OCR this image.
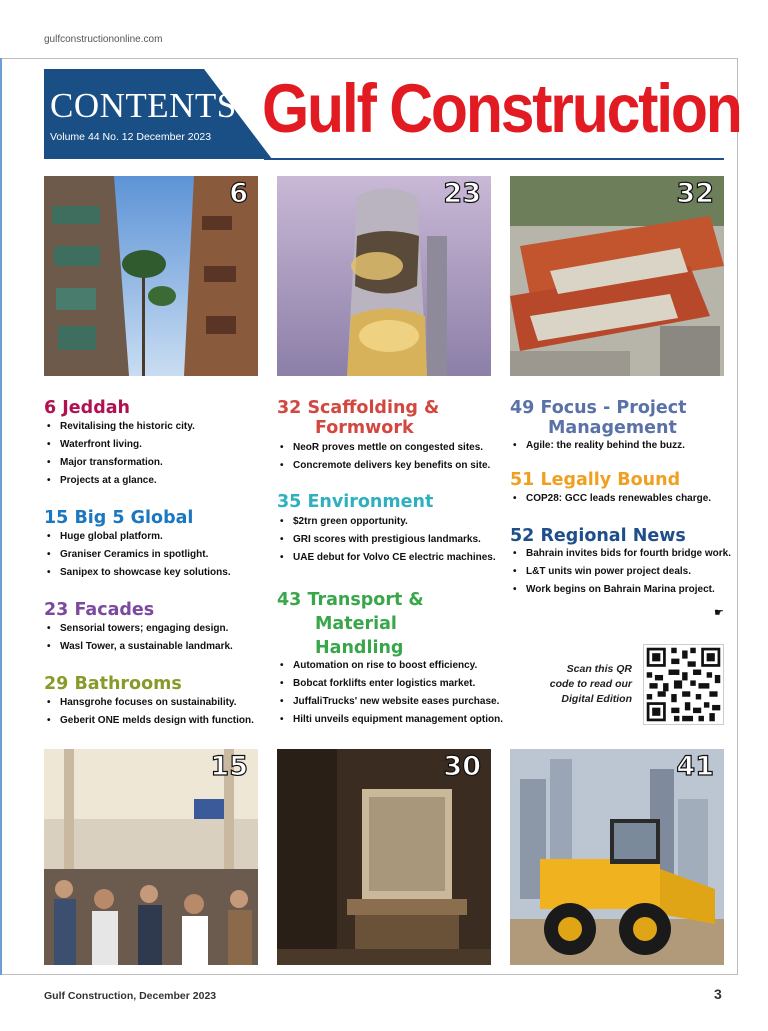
gulfconstructiononline.com
CONTENTS
Volume 44 No. 12 December 2023 Gulf Construction
6	23	32
6 Jeddah
• Revitalising the historic city.
• Waterfront living.
• Major transformation.
• Projects at a glance.
15 Big 5 Global
• Huge global platform.
• Graniser Ceramics in spotlight.
• Sanipex to showcase key solutions.
23 Facades
• Sensorial towers; engaging design.
• Wasl Tower, a sustainable landmark.
29 Bathrooms
• Hansgrohe focuses on sustainability.
• Geberit ONE melds design with function.
32 Scaffolding &
Formwork
• NeoR proves mettle on congested sites.
• Concremote delivers key benefits on site.
35 Environment
• $2trn green opportunity.
• GRI scores with prestigious landmarks.
• UAE debut for Volvo CE electric machines.
43 Transport &
Material
Handling
• Automation on rise to boost efficiency.
• Bobcat forklifts enter logistics market.
• JuffaliTrucks' new website eases purchase.
• Hilti unveils equipment management option.
49 Focus - Project
Management
• Agile: the reality behind the buzz.
51 Legally Bound
• COP28: GCC leads renewables charge.
52 Regional News
• Bahrain invites bids for fourth bridge work.
• L&T units win power project deals.
• Work begins on Bahrain Marina project.
☛
Scan this QR
code to read our
Digital Edition
15	30	41
Gulf Construction, December 2023	3
